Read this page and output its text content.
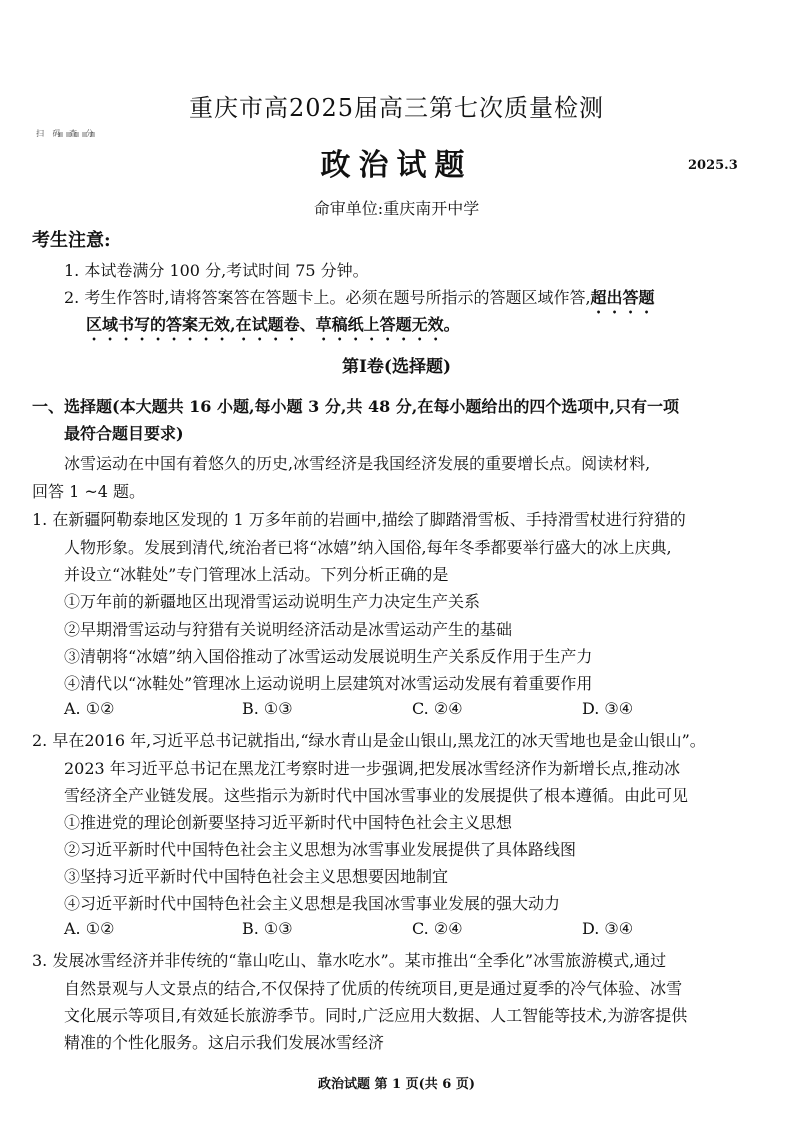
重庆市高2025届高三第七次质量检测
扫 码 查 分
政治试题	2025.3
命审单位:重庆南开中学
考生注意:
1. 本试卷满分 100 分,考试时间 75 分钟。
2. 考生作答时,请将答案答在答题卡上。必须在题号所指示的答题区域作答,超出答题
区域书写的答案无效,在试题卷、草稿纸上答题无效。
第Ⅰ卷(选择题)
一、选择题(本大题共 16 小题,每小题 3 分,共 48 分,在每小题给出的四个选项中,只有一项
最符合题目要求)
冰雪运动在中国有着悠久的历史,冰雪经济是我国经济发展的重要增长点。阅读材料,
回答 1 ~4 题。
1. 在新疆阿勒泰地区发现的 1 万多年前的岩画中,描绘了脚踏滑雪板、手持滑雪杖进行狩猎的
人物形象。发展到清代,统治者已将“冰嬉”纳入国俗,每年冬季都要举行盛大的冰上庆典,
并设立“冰鞋处”专门管理冰上活动。下列分析正确的是
①万年前的新疆地区出现滑雪运动说明生产力决定生产关系
②早期滑雪运动与狩猎有关说明经济活动是冰雪运动产生的基础
③清朝将“冰嬉”纳入国俗推动了冰雪运动发展说明生产关系反作用于生产力
④清代以“冰鞋处”管理冰上运动说明上层建筑对冰雪运动发展有着重要作用
A. ①②	B. ①③	C. ②④	D. ③④
2. 早在2016 年,习近平总书记就指出,“绿水青山是金山银山,黑龙江的冰天雪地也是金山银山”。
2023 年习近平总书记在黑龙江考察时进一步强调,把发展冰雪经济作为新增长点,推动冰
雪经济全产业链发展。这些指示为新时代中国冰雪事业的发展提供了根本遵循。由此可见
①推进党的理论创新要坚持习近平新时代中国特色社会主义思想
②习近平新时代中国特色社会主义思想为冰雪事业发展提供了具体路线图
③坚持习近平新时代中国特色社会主义思想要因地制宜
④习近平新时代中国特色社会主义思想是我国冰雪事业发展的强大动力
A. ①②	B. ①③	C. ②④	D. ③④
3. 发展冰雪经济并非传统的“靠山吃山、靠水吃水”。某市推出“全季化”冰雪旅游模式,通过
自然景观与人文景点的结合,不仅保持了优质的传统项目,更是通过夏季的冷气体验、冰雪
文化展示等项目,有效延长旅游季节。同时,广泛应用大数据、人工智能等技术,为游客提供
精准的个性化服务。这启示我们发展冰雪经济
政治试题 第 1 页(共 6 页)
